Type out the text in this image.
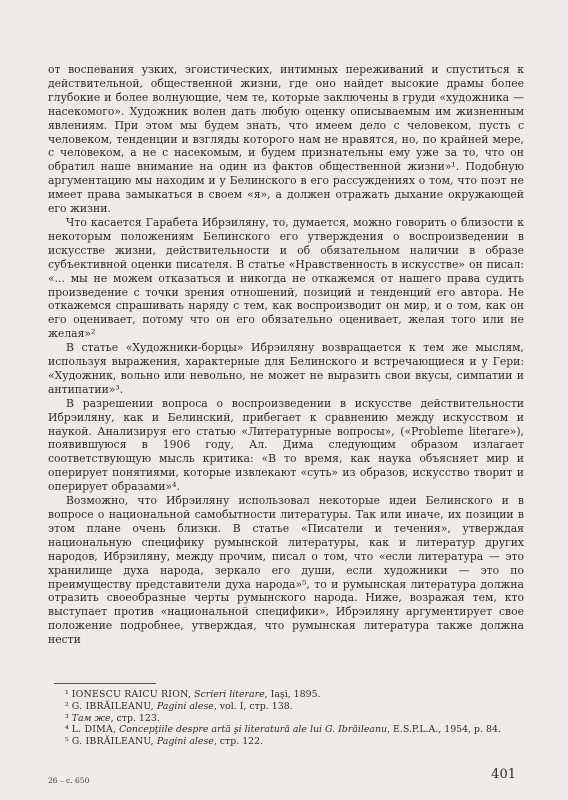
от воспевания узких, эгоистических, интимных переживаний и спуститься к действительной, общественной жизни, где оно найдет высокие драмы более глубокие и более волнующие, чем те, которые заключены в груди «художника — насекомого». Художник волен дать любую оценку описываемым им жизненным явлениям. При этом мы будем знать, что имеем дело с человеком, пусть с человеком, тенденции и взгляды которого нам не нравятся, но, по крайней мере, с человеком, а не с насекомым, и будем признательны ему уже за то, что он обратил наше внимание на один из фактов общественной жизни»¹. Подобную аргументацию мы находим и у Белинского в его рассуждениях о том, что поэт не имеет права замыкаться в своем «я», а должен отражать дыхание окружающей его жизни.

Что касается Гарабета Ибрэиляну, то, думается, можно говорить о близости к некоторым положениям Белинского его утверждения о воспроизведении в искусстве жизни, действительности и об обязательном наличии в образе субъективной оценки писателя. В статье «Нравственность в искусстве» он писал: «... мы не можем отказаться и никогда не откажемся от нашего права судить произведение с точки зрения отношений, позиций и тенденций его автора. Не откажемся спрашивать наряду с тем, как воспроизводит он мир, и о том, как он его оценивает, потому что он его обязательно оценивает, желая того или не желая»²

В статье «Художники-борцы» Ибрэиляну возвращается к тем же мыслям, используя выражения, характерные для Белинского и встречающиеся и у Гери: «Художник, вольно или невольно, не может не выразить свои вкусы, симпатии и антипатии»³.

В разрешении вопроса о воспроизведении в искусстве действительности Ибрэиляну, как и Белинский, прибегает к сравнению между искусством и наукой. Анализируя его статью «Литературные вопросы», («Probleme literare»), появившуюся в 1906 году, Ал. Дима следующим образом излагает соответствующую мысль критика: «В то время, как наука объясняет мир и оперирует понятиями, которые извлекают «суть» из образов, искусство творит и оперирует образами»⁴.

Возможно, что Ибрэиляну использовал некоторые идеи Белинского и в вопросе о национальной самобытности литературы. Так или иначе, их позиции в этом плане очень близки. В статье «Писатели и течения», утверждая национальную специфику румынской литературы, как и литератур других народов, Ибрэиляну, между прочим, писал о том, что «если литература — это хранилище духа народа, зеркало его души, если художники — это по преимуществу представители духа народа»⁵, то и румынская литература должна отразить своеобразные черты румынского народа. Ниже, возражая тем, кто выступает против «национальной специфики», Ибрэиляну аргументирует свое положение подробнее, утверждая, что румынская литература также должна нести

¹ IONESCU RAICU RION, Scrieri literare, Iaşi, 1895.

² G. IBRĂILEANU, Pagini alese, vol. I, стр. 138.

³ Там же, стр. 123.

⁴ L. DIMA, Concepţiile despre artă şi literatură ale lui G. Ibrăileanu, E.S.P.L.A., 1954, p. 84.

⁵ G. IBRĂILEANU, Pagini alese, стр. 122.

26 – c. 650	401
